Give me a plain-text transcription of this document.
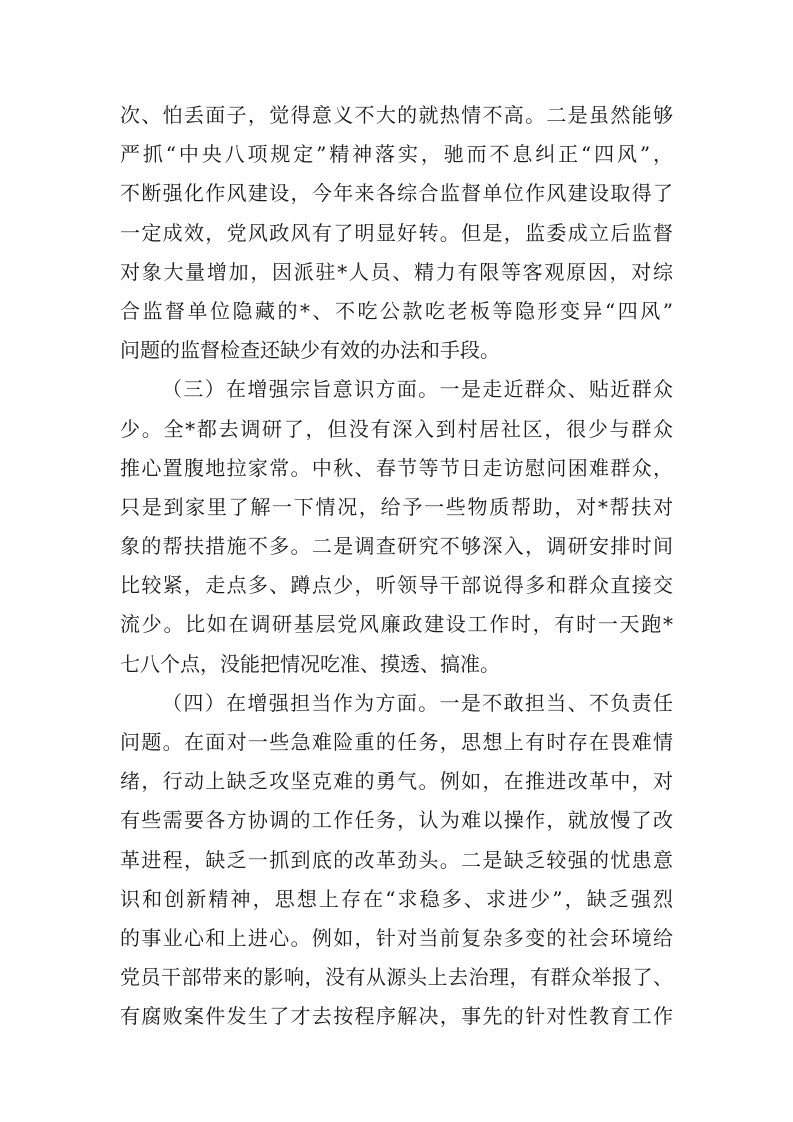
次、怕丢面子，觉得意义不大的就热情不高。二是虽然能够
严抓“中央八项规定”精神落实，驰而不息纠正“四风”，
不断强化作风建设，今年来各综合监督单位作风建设取得了
一定成效，党风政风有了明显好转。但是，监委成立后监督
对象大量增加，因派驻*人员、精力有限等客观原因，对综
合监督单位隐藏的*、不吃公款吃老板等隐形变异“四风”
问题的监督检查还缺少有效的办法和手段。
（三）在增强宗旨意识方面。一是走近群众、贴近群众
少。全*都去调研了，但没有深入到村居社区，很少与群众
推心置腹地拉家常。中秋、春节等节日走访慰问困难群众，
只是到家里了解一下情况，给予一些物质帮助，对*帮扶对
象的帮扶措施不多。二是调查研究不够深入，调研安排时间
比较紧，走点多、蹲点少，听领导干部说得多和群众直接交
流少。比如在调研基层党风廉政建设工作时，有时一天跑*
七八个点，没能把情况吃准、摸透、搞准。
（四）在增强担当作为方面。一是不敢担当、不负责任
问题。在面对一些急难险重的任务，思想上有时存在畏难情
绪，行动上缺乏攻坚克难的勇气。例如，在推进改革中，对
有些需要各方协调的工作任务，认为难以操作，就放慢了改
革进程，缺乏一抓到底的改革劲头。二是缺乏较强的忧患意
识和创新精神，思想上存在“求稳多、求进少”，缺乏强烈
的事业心和上进心。例如，针对当前复杂多变的社会环境给
党员干部带来的影响，没有从源头上去治理，有群众举报了、
有腐败案件发生了才去按程序解决，事先的针对性教育工作
